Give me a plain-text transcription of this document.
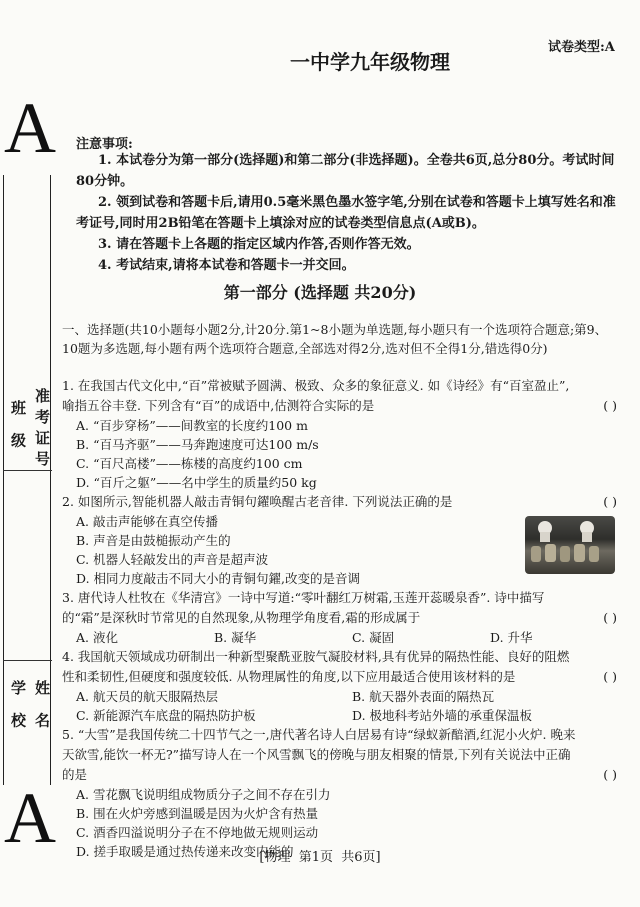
一中学九年级物理
试卷类型:A
A
班 级 准考证号
学 校 姓 名
A
注意事项:
1. 本试卷分为第一部分(选择题)和第二部分(非选择题)。全卷共6页,总分80分。考试时间80分钟。
2. 领到试卷和答题卡后,请用0.5毫米黑色墨水签字笔,分别在试卷和答题卡上填写姓名和准考证号,同时用2B铅笔在答题卡上填涂对应的试卷类型信息点(A或B)。
3. 请在答题卡上各题的指定区域内作答,否则作答无效。
4. 考试结束,请将本试卷和答题卡一并交回。
第一部分 (选择题 共20分)
一、选择题(共10小题每小题2分,计20分.第1~8小题为单选题,每小题只有一个选项符合题意;第9、10题为多选题,每小题有两个选项符合题意,全部选对得2分,选对但不全得1分,错选得0分)
1. 在我国古代文化中,“百”常被赋予圆满、极致、众多的象征意义. 如《诗经》有“百室盈止”,喻指五谷丰登. 下列含有“百”的成语中,估测符合实际的是	( )
A. “百步穿杨”——间教室的长度约100 m
B. “百马齐驱”——马奔跑速度可达100 m/s
C. “百尺高楼”——栋楼的高度约100 cm
D. “百斤之躯”——名中学生的质量约50 kg
2. 如图所示,智能机器人敲击青铜句鑃唤醒古老音律. 下列说法正确的是	( )
A. 敲击声能够在真空传播
B. 声音是由鼓槌振动产生的
C. 机器人轻敲发出的声音是超声波
D. 相同力度敲击不同大小的青铜句鑃,改变的是音调
3. 唐代诗人杜牧在《华清宫》一诗中写道:“零叶翻红万树霜,玉莲开蕊暖泉香”. 诗中描写的“霜”是深秋时节常见的自然现象,从物理学角度看,霜的形成属于	( )
A. 液化	B. 凝华	C. 凝固	D. 升华
4. 我国航天领域成功研制出一种新型聚酰亚胺气凝胶材料,具有优异的隔热性能、良好的阻燃性和柔韧性,但硬度和强度较低. 从物理属性的角度,以下应用最适合使用该材料的是	( )
A. 航天员的航天服隔热层	B. 航天器外表面的隔热瓦
C. 新能源汽车底盘的隔热防护板	D. 极地科考站外墙的承重保温板
5. “大雪”是我国传统二十四节气之一,唐代著名诗人白居易有诗“绿蚁新醅酒,红泥小火炉. 晚来天欲雪,能饮一杯无?”描写诗人在一个风雪飘飞的傍晚与朋友相聚的情景,下列有关说法中正确的是	( )
A. 雪花飘飞说明组成物质分子之间不存在引力
B. 围在火炉旁感到温暖是因为火炉含有热量
C. 酒香四溢说明分子在不停地做无规则运动
D. 搓手取暖是通过热传递来改变内能的
[物理  第1页  共6页]
